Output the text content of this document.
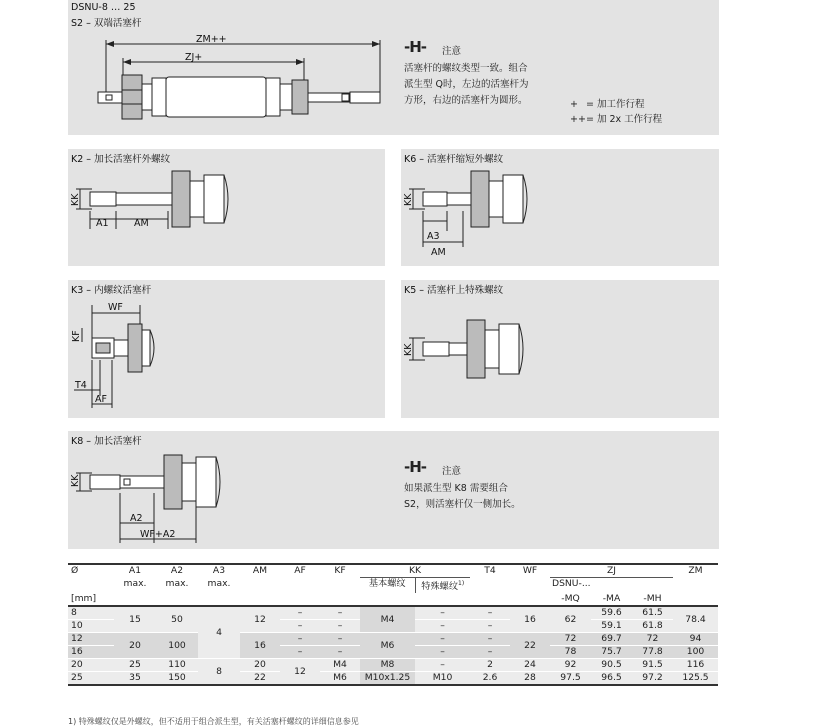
DSNU-8 … 25
S2 – 双端活塞杆
ZM++
ZJ+
-H- 注意
活塞杆的螺纹类型一致。组合
派生型 Q时，左边的活塞杆为
方形，右边的活塞杆为圆形。	+ = 加工作行程
++= 加 2x 工作行程
K2 – 加长活塞杆外螺纹
KK
A1	AM
K6 – 活塞杆缩短外螺纹
KK
A3
AM
K3 – 内螺纹活塞杆
WF
KF
T4
AF
K5 – 活塞杆上特殊螺纹
KK
K8 – 加长活塞杆
KK
A2
WF+A2
-H- 注意
如果派生型 K8 需要组合
S2，则活塞杆仅一侧加长。
Ø	A1	A2	A3	AM	AF	KF	KK		T4	WF	ZJ			ZM
	max.	max.	max.				基本螺纹	特殊螺纹$^{1)}$			DSNU-...			
[mm]											-MQ	-MA	-MH	
8	15	50	4	12	–	–	M4	–	–	16	62	59.6	61.5	78.4
10					–	–		–	–			59.1	61.8	
12	20	100		16	–	–	M6	–	–	22	72	69.7	72	94
16					–	–		–	–		78	75.7	77.8	100
20	25	110	8	20	12	M4	M8	–	2	24	92	90.5	91.5	116
25	35	150		22		M6	M10x1.25	M10	2.6	28	97.5	96.5	97.2	125.5
1) 特殊螺纹仅是外螺纹，但不适用于组合派生型，有关活塞杆螺纹的详细信息参见
